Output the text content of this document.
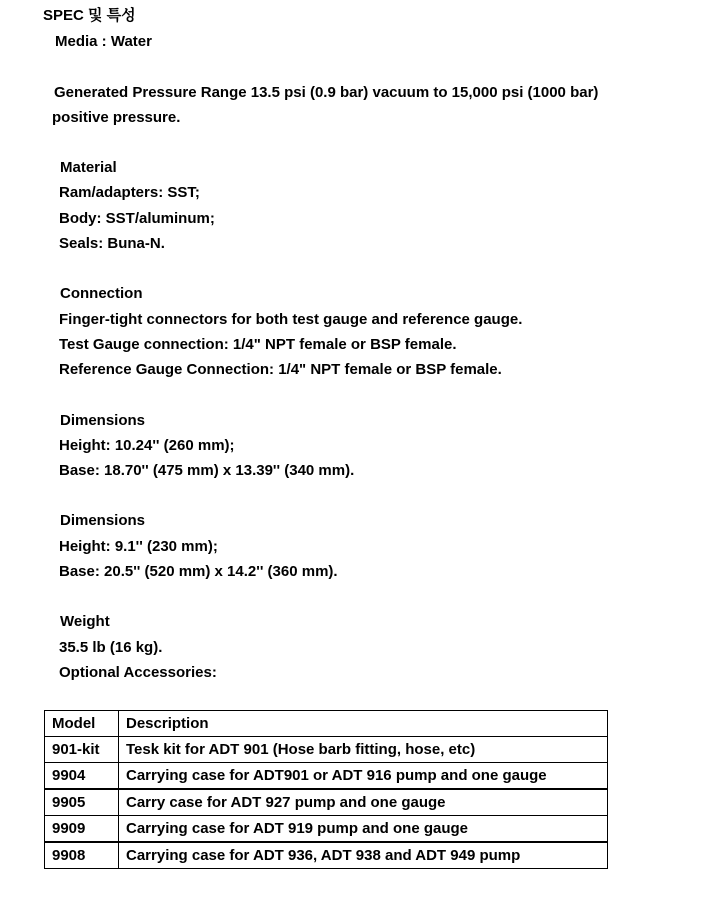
SPEC 및 특성
Media : Water
Generated Pressure Range 13.5 psi (0.9 bar) vacuum to 15,000 psi (1000 bar)
positive pressure.
Material
Ram/adapters: SST;
Body: SST/aluminum;
Seals: Buna-N.
Connection
Finger-tight connectors for both test gauge and reference gauge.
Test Gauge connection: 1/4" NPT female or BSP female.
Reference Gauge Connection: 1/4" NPT female or BSP female.
Dimensions
Height: 10.24'' (260 mm);
Base: 18.70'' (475 mm) x 13.39'' (340 mm).
Dimensions
Height: 9.1'' (230 mm);
Base: 20.5'' (520 mm) x 14.2'' (360 mm).
Weight
35.5 lb (16 kg).
Optional Accessories:
Model	Description
901-kit	Tesk kit for ADT 901 (Hose barb fitting, hose, etc)
9904	Carrying case for ADT901 or ADT 916 pump and one gauge
9905	Carry case for ADT 927 pump and one gauge
9909	Carrying case for ADT 919 pump and one gauge
9908	Carrying case for ADT 936, ADT 938 and ADT 949 pump
